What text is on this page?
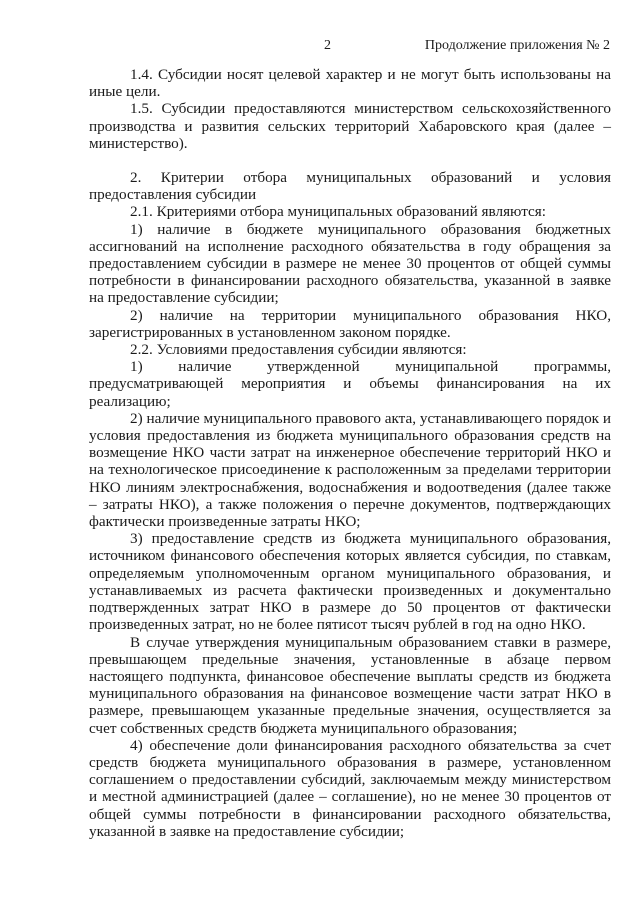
2	Продолжение приложения № 2

1.4. Субсидии носят целевой характер и не могут быть использованы на иные цели.

1.5. Субсидии предоставляются министерством сельскохозяйственного производства и развития сельских территорий Хабаровского края (далее – министерство).

2. Критерии отбора муниципальных образований и условия предоставления субсидии

2.1. Критериями отбора муниципальных образований являются:

1) наличие в бюджете муниципального образования бюджетных ассигнований на исполнение расходного обязательства в году обращения за предоставлением субсидии в размере не менее 30 процентов от общей суммы потребности в финансировании расходного обязательства, указанной в заявке на предоставление субсидии;

2) наличие на территории муниципального образования НКО, зарегистрированных в установленном законом порядке.

2.2. Условиями предоставления субсидии являются:

1) наличие утвержденной муниципальной программы, предусматривающей мероприятия и объемы финансирования на их реализацию;

2) наличие муниципального правового акта, устанавливающего порядок и условия предоставления из бюджета муниципального образования средств на возмещение НКО части затрат на инженерное обеспечение территорий НКО и на технологическое присоединение к расположенным за пределами территории НКО линиям электроснабжения, водоснабжения и водоотведения (далее также – затраты НКО), а также положения о перечне документов, подтверждающих фактически произведенные затраты НКО;

3) предоставление средств из бюджета муниципального образования, источником финансового обеспечения которых является субсидия, по ставкам, определяемым уполномоченным органом муниципального образования, и устанавливаемых из расчета фактически произведенных и документально подтвержденных затрат НКО в размере до 50 процентов от фактически произведенных затрат, но не более пятисот тысяч рублей в год на одно НКО.

В случае утверждения муниципальным образованием ставки в размере, превышающем предельные значения, установленные в абзаце первом настоящего подпункта, финансовое обеспечение выплаты средств из бюджета муниципального образования на финансовое возмещение части затрат НКО в размере, превышающем указанные предельные значения, осуществляется за счет собственных средств бюджета муниципального образования;

4) обеспечение доли финансирования расходного обязательства за счет средств бюджета муниципального образования в размере, установленном соглашением о предоставлении субсидий, заключаемым между министерством и местной администрацией (далее – соглашение), но не менее 30 процентов от общей суммы потребности в финансировании расходного обязательства, указанной в заявке на предоставление субсидии;
